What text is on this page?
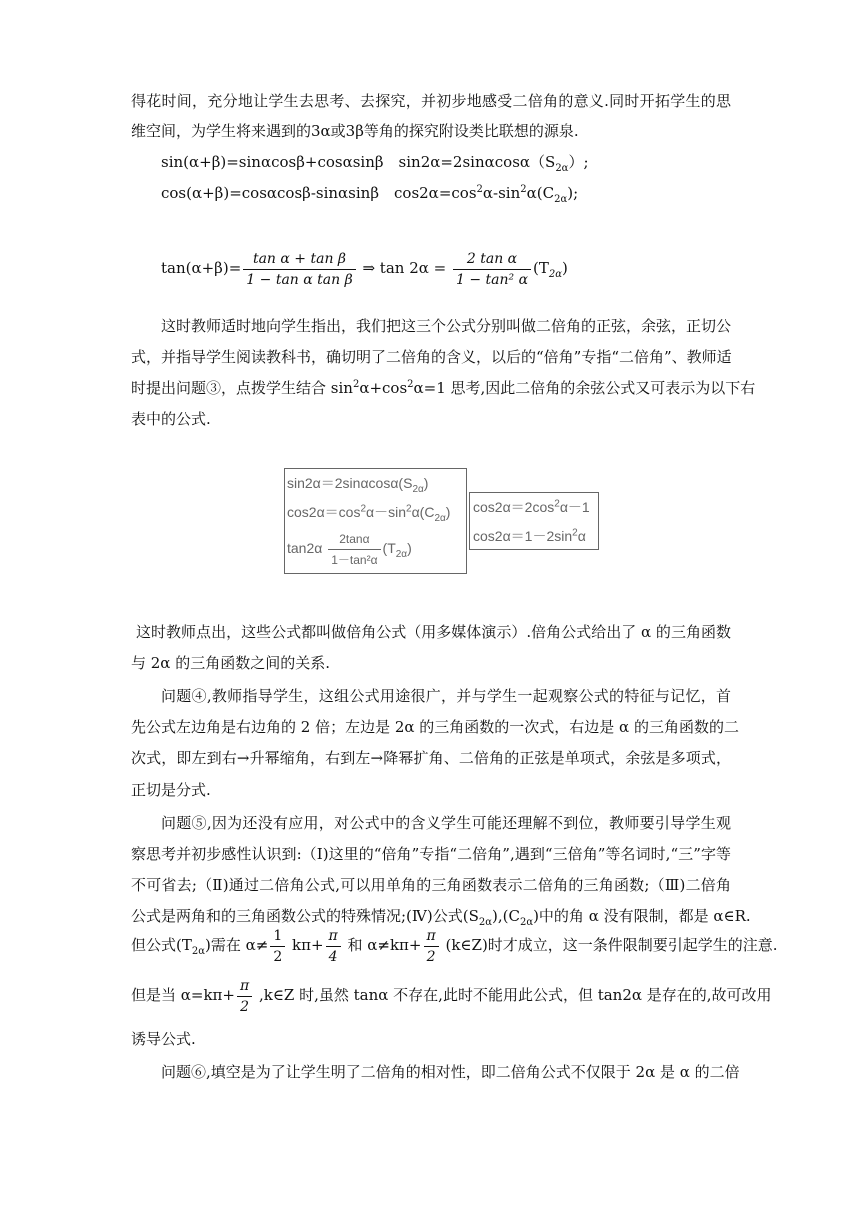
得花时间，充分地让学生去思考、去探究，并初步地感受二倍角的意义.同时开拓学生的思
维空间，为学生将来遇到的3α或3β等角的探究附设类比联想的源泉.
sin(α+β)=sinαcosβ+cosαsinβ　$\sin 2\alpha=2\sin\alpha\cos\alpha(S_{2\alpha})$;
cos(α+β)=cosαcosβ-sinαsinβ　$\cos 2\alpha=\cos^2\alpha-\sin^2\alpha(C_{2\alpha})$;
$\tan(\alpha+\beta)= \frac{\text{tan α + tan β}}{\text{1 − tan α tan β}}$ ⇒ $\tan 2\alpha = \frac{\text{2 tan α}}{\text{1 − tan² α}} (T_{2\alpha})$
这时教师适时地向学生指出，我们把这三个公式分别叫做二倍角的正弦，余弦，正切公
式，并指导学生阅读教科书，确切明了二倍角的含义，以后的“倍角”专指“二倍角”、教师适
时提出问题③，点拨学生结合 $\sin^2\alpha+\cos^2\alpha=1$ 思考,因此二倍角的余弦公式又可表示为以下右
表中的公式.
$\sin 2\alpha=2\sin\alpha\cos\alpha(S_{2\alpha})$
$\cos 2\alpha=\cos^2\alpha-\sin^2\alpha(C_{2\alpha})$
$\tan 2\alpha \frac{2\tan\alpha}{\text{1－tan²α}} (T_{2\alpha})$
$\cos 2\alpha=2\cos^2\alpha-1$
$\cos 2\alpha=1-2\sin^2\alpha$
这时教师点出，这些公式都叫做倍角公式（用多媒体演示）.倍角公式给出了 α 的三角函数
与 2α 的三角函数之间的关系.
问题④,教师指导学生，这组公式用途很广，并与学生一起观察公式的特征与记忆，首
先公式左边角是右边角的 2 倍；左边是 2α 的三角函数的一次式，右边是 α 的三角函数的二
次式，即左到右→升幂缩角，右到左→降幂扩角、二倍角的正弦是单项式，余弦是多项式，
正切是分式.
问题⑤,因为还没有应用，对公式中的含义学生可能还理解不到位，教师要引导学生观
察思考并初步感性认识到:（Ⅰ)这里的“倍角”专指“二倍角”,遇到“三倍角”等名词时,“三”字等
不可省去;（Ⅱ)通过二倍角公式,可以用单角的三角函数表示二倍角的三角函数;（Ⅲ)二倍角
公式是两角和的三角函数公式的特殊情况;(Ⅳ)公式$(S_{2\alpha}),(C_{2\alpha})$中的角 α 没有限制，都是 α∈R.
但公式$(T_{2\alpha})$需在 $\alpha\ne \frac{1}{2} k\pi+ \frac{\pi}{4}$ 和 $\alpha\ne k\pi+ \frac{\pi}{2}$ (k∈Z)时才成立，这一条件限制要引起学生的注意.
但是当 $\alpha=k\pi+ \frac{\pi}{2}$ ,k∈Z 时,虽然 tanα 不存在,此时不能用此公式，但 tan2α 是存在的,故可改用
诱导公式.
问题⑥,填空是为了让学生明了二倍角的相对性，即二倍角公式不仅限于 2α 是 α 的二倍
